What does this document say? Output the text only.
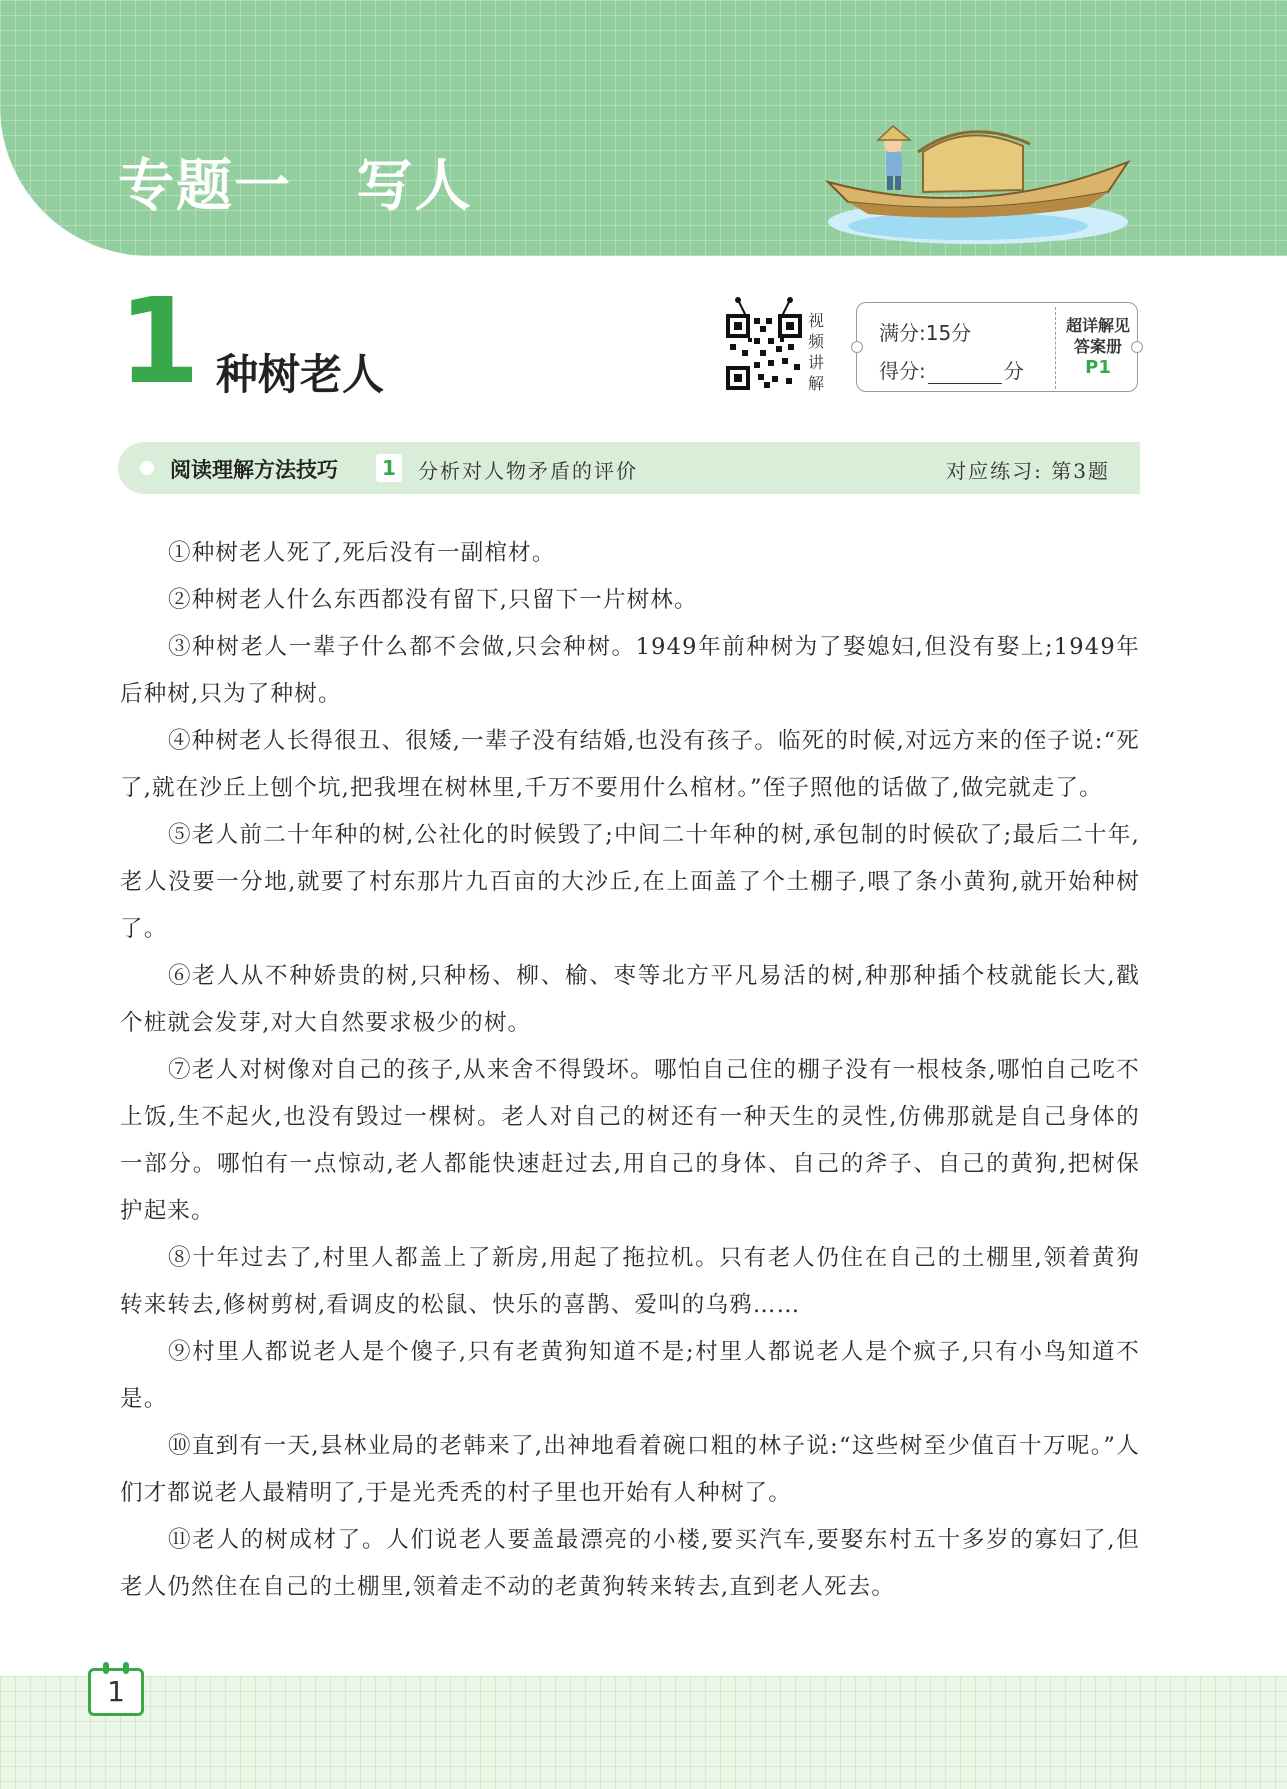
专题一   写人
1 种树老人
视
频
讲
解
满分:15分
得分:	分
超详解见
答案册
P1
阅读理解方法技巧	1	分析对人物矛盾的评价	对应练习: 第3题

①种树老人死了,死后没有一副棺材。

②种树老人什么东西都没有留下,只留下一片树林。

③种树老人一辈子什么都不会做,只会种树。1949年前种树为了娶媳妇,但没有娶上;1949年后种树,只为了种树。

④种树老人长得很丑、很矮,一辈子没有结婚,也没有孩子。临死的时候,对远方来的侄子说:“死了,就在沙丘上刨个坑,把我埋在树林里,千万不要用什么棺材。”侄子照他的话做了,做完就走了。

⑤老人前二十年种的树,公社化的时候毁了;中间二十年种的树,承包制的时候砍了;最后二十年,老人没要一分地,就要了村东那片九百亩的大沙丘,在上面盖了个土棚子,喂了条小黄狗,就开始种树了。

⑥老人从不种娇贵的树,只种杨、柳、榆、枣等北方平凡易活的树,种那种插个枝就能长大,戳个桩就会发芽,对大自然要求极少的树。

⑦老人对树像对自己的孩子,从来舍不得毁坏。哪怕自己住的棚子没有一根枝条,哪怕自己吃不上饭,生不起火,也没有毁过一棵树。老人对自己的树还有一种天生的灵性,仿佛那就是自己身体的一部分。哪怕有一点惊动,老人都能快速赶过去,用自己的身体、自己的斧子、自己的黄狗,把树保护起来。

⑧十年过去了,村里人都盖上了新房,用起了拖拉机。只有老人仍住在自己的土棚里,领着黄狗转来转去,修树剪树,看调皮的松鼠、快乐的喜鹊、爱叫的乌鸦……

⑨村里人都说老人是个傻子,只有老黄狗知道不是;村里人都说老人是个疯子,只有小鸟知道不是。

⑩直到有一天,县林业局的老韩来了,出神地看着碗口粗的林子说:“这些树至少值百十万呢。”人们才都说老人最精明了,于是光秃秃的村子里也开始有人种树了。

⑪老人的树成材了。人们说老人要盖最漂亮的小楼,要买汽车,要娶东村五十多岁的寡妇了,但老人仍然住在自己的土棚里,领着走不动的老黄狗转来转去,直到老人死去。

1
